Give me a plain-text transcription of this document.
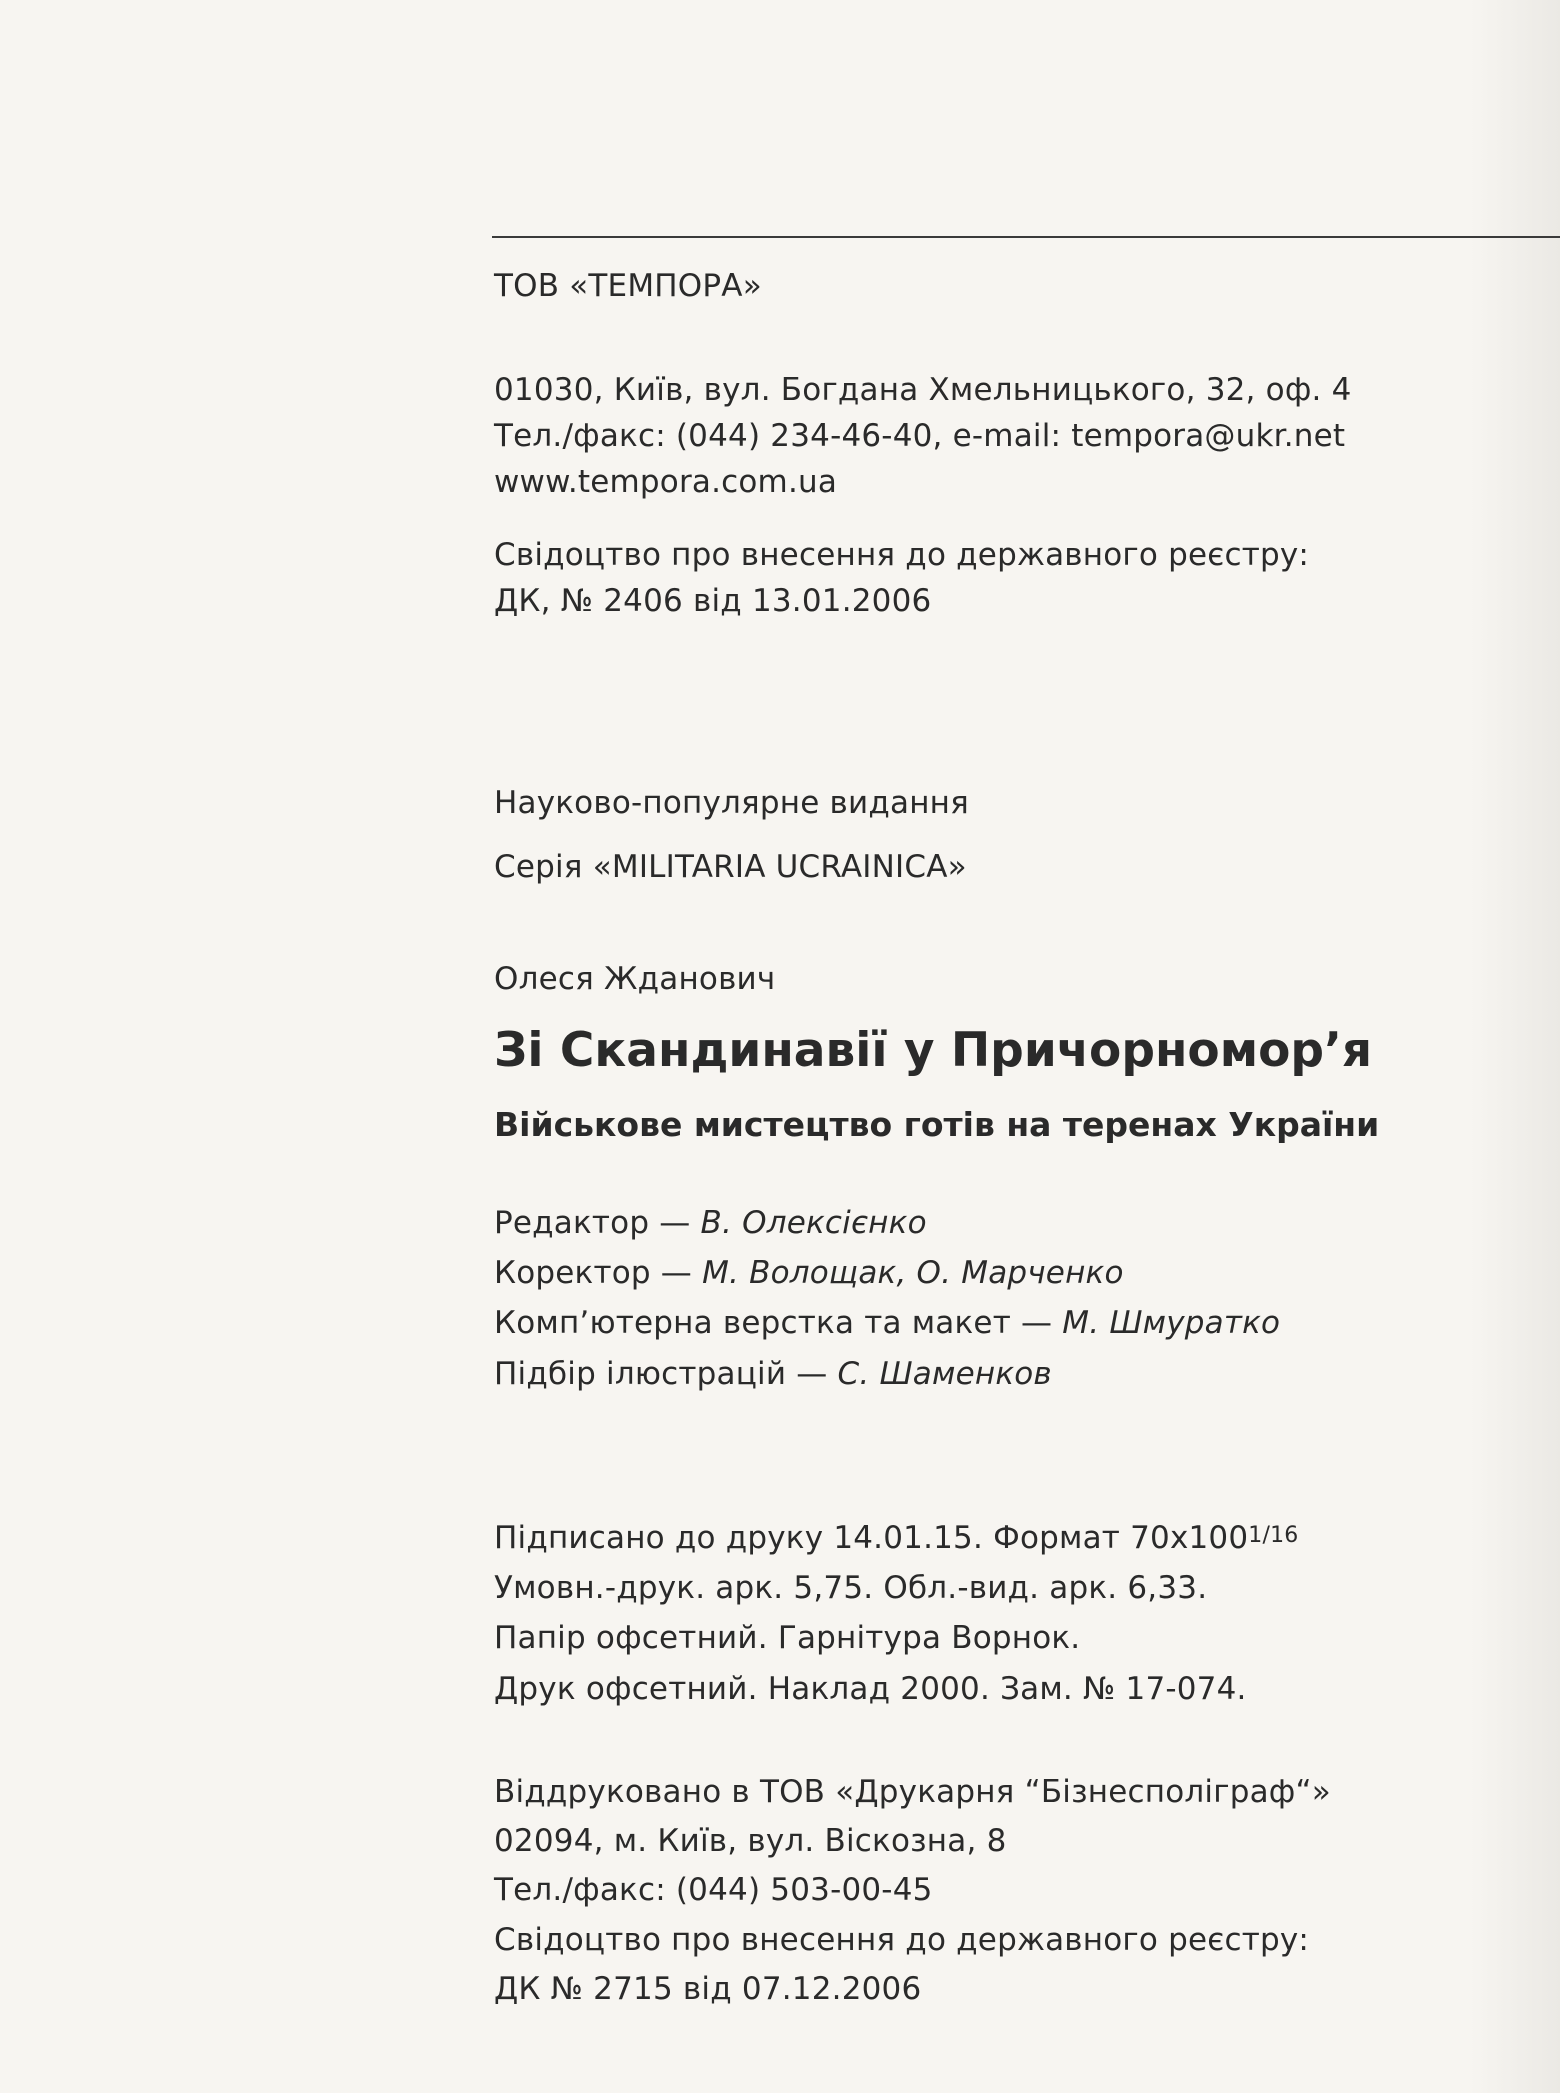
ТОВ «ТЕМПОРА»

01030, Київ, вул. Богдана Хмельницького, 32, оф. 4

Тел./факс: (044) 234-46-40, e-mail: tempora@ukr.net

www.tempora.com.ua

Свідоцтво про внесення до державного реєстру:

ДК, № 2406 від 13.01.2006

Науково-популярне видання

Серія «MILITARIA UCRAINICA»

Олеся Жданович

Зі Скандинавії у Причорномор’я
Військове мистецтво готів на теренах України

Редактор — В. Олексієнко

Коректор — М. Волощак, О. Марченко

Комп’ютерна верстка та макет — М. Шмуратко

Підбір ілюстрацій — С. Шаменков

Підписано до друку 14.01.15. Формат 70х1001/16

Умовн.-друк. арк. 5,75. Обл.-вид. арк. 6,33.

Папір офсетний. Гарнітура Ворнок.

Друк офсетний. Наклад 2000. Зам. № 17-074.

Віддруковано в ТОВ «Друкарня “Бізнесполіграф“»

02094, м. Київ, вул. Віскозна, 8

Тел./факс: (044) 503-00-45

Свідоцтво про внесення до державного реєстру:

ДК № 2715 від 07.12.2006
